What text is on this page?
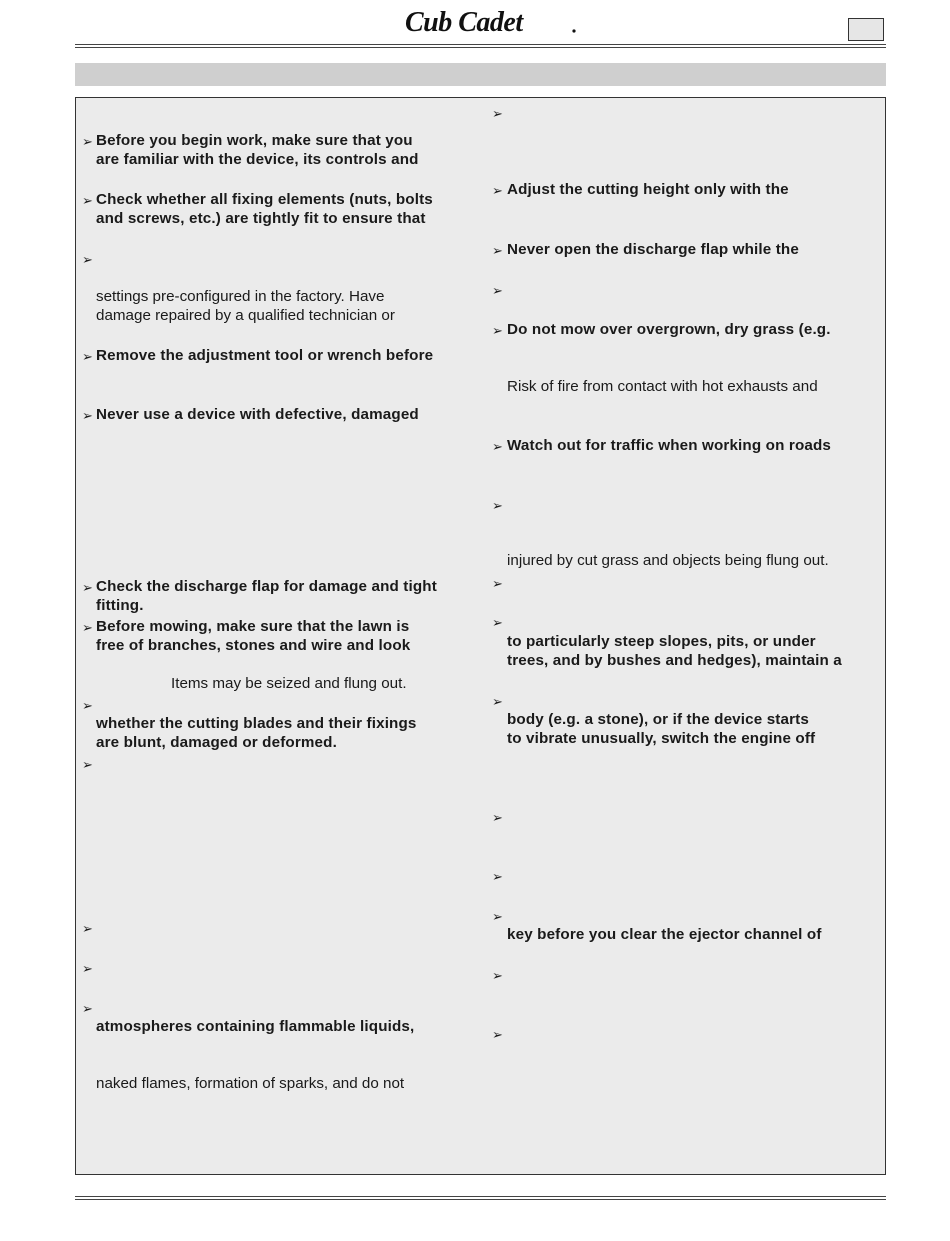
Cub Cadet
➢ Before you begin work, make sure that you
are familiar with the device, its controls and
➢ Check whether all fixing elements (nuts, bolts
and screws, etc.) are tightly fit to ensure that
➢
settings pre-configured in the factory. Have
damage repaired by a qualified technician or
➢ Remove the adjustment tool or wrench before
➢ Never use a device with defective, damaged
➢ Check the discharge flap for damage and tight
fitting.
➢ Before mowing, make sure that the lawn is
free of branches, stones and wire and look
Items may be seized and flung out.
➢
whether the cutting blades and their fixings
are blunt, damaged or deformed.
➢
➢
➢
➢
atmospheres containing flammable liquids,
naked flames, formation of sparks, and do not
➢
➢ Adjust the cutting height only with the
➢ Never open the discharge flap while the
➢
➢ Do not mow over overgrown, dry grass (e.g.
Risk of fire from contact with hot exhausts and
➢ Watch out for traffic when working on roads
➢
injured by cut grass and objects being flung out.
➢
➢
to particularly steep slopes, pits, or under
trees, and by bushes and hedges), maintain a
➢
body (e.g. a stone), or if the device starts
to vibrate unusually, switch the engine off
➢
➢
➢
key before you clear the ejector channel of
➢
➢
